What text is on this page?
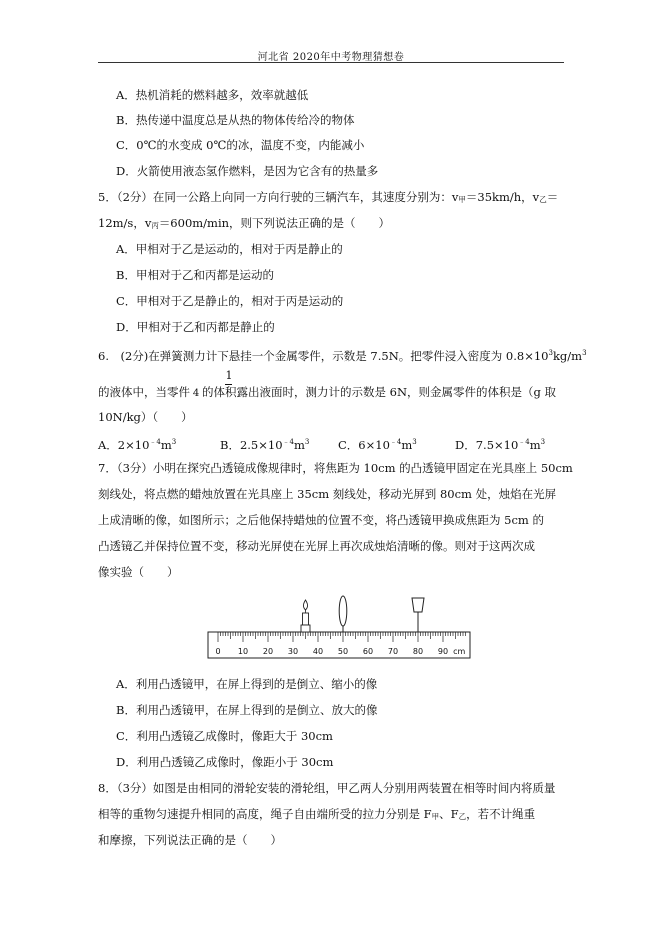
河北省 2020年中考物理猜想卷
A．热机消耗的燃料越多，效率就越低
B．热传递中温度总是从热的物体传给冷的物体
C．0℃的水变成 0℃的冰，温度不变，内能减小
D．火箭使用液态氢作燃料，是因为它含有的热量多
5．（2分）在同一公路上向同一方向行驶的三辆汽车，其速度分别为：v甲＝35km/h，v乙＝
12m/s，v丙＝600m/min，则下列说法正确的是（　　）
A．甲相对于乙是运动的，相对于丙是静止的
B．甲相对于乙和丙都是运动的
C．甲相对于乙是静止的，相对于丙是运动的
D．甲相对于乙和丙都是静止的
6.　(2分)在弹簧测力计下悬挂一个金属零件，示数是 7.5N。把零件浸入密度为 $0.8\times 10^3kg/m^3$
1
的液体中，当零件 4 的体积露出液面时，测力计的示数是 6N，则金属零件的体积是（g 取
10N/kg）（　　）
A．$2\times 10^{﹣4}m^3$	B．$2.5\times 10^{﹣4}m^3$ C．$6\times 10^{﹣4}m^3$	D．$7.5\times 10^{﹣4}m^3$
7．（3分）小明在探究凸透镜成像规律时，将焦距为 10cm 的凸透镜甲固定在光具座上 50cm
刻线处，将点燃的蜡烛放置在光具座上 35cm 刻线处，移动光屏到 80cm 处，烛焰在光屏
上成清晰的像，如图所示；之后他保持蜡烛的位置不变，将凸透镜甲换成焦距为 5cm 的
凸透镜乙并保持位置不变，移动光屏使在光屏上再次成烛焰清晰的像。则对于这两次成
像实验（　　）
0 10 20 30 40 50 60 70 80 90 cm
A．利用凸透镜甲，在屏上得到的是倒立、缩小的像
B．利用凸透镜甲，在屏上得到的是倒立、放大的像
C．利用凸透镜乙成像时，像距大于 30cm
D．利用凸透镜乙成像时，像距小于 30cm
8．（3分）如图是由相同的滑轮安装的滑轮组，甲乙两人分别用两装置在相等时间内将质量
相等的重物匀速提升相同的高度，绳子自由端所受的拉力分别是 F甲、F乙，若不计绳重
和摩擦，下列说法正确的是（　　）
